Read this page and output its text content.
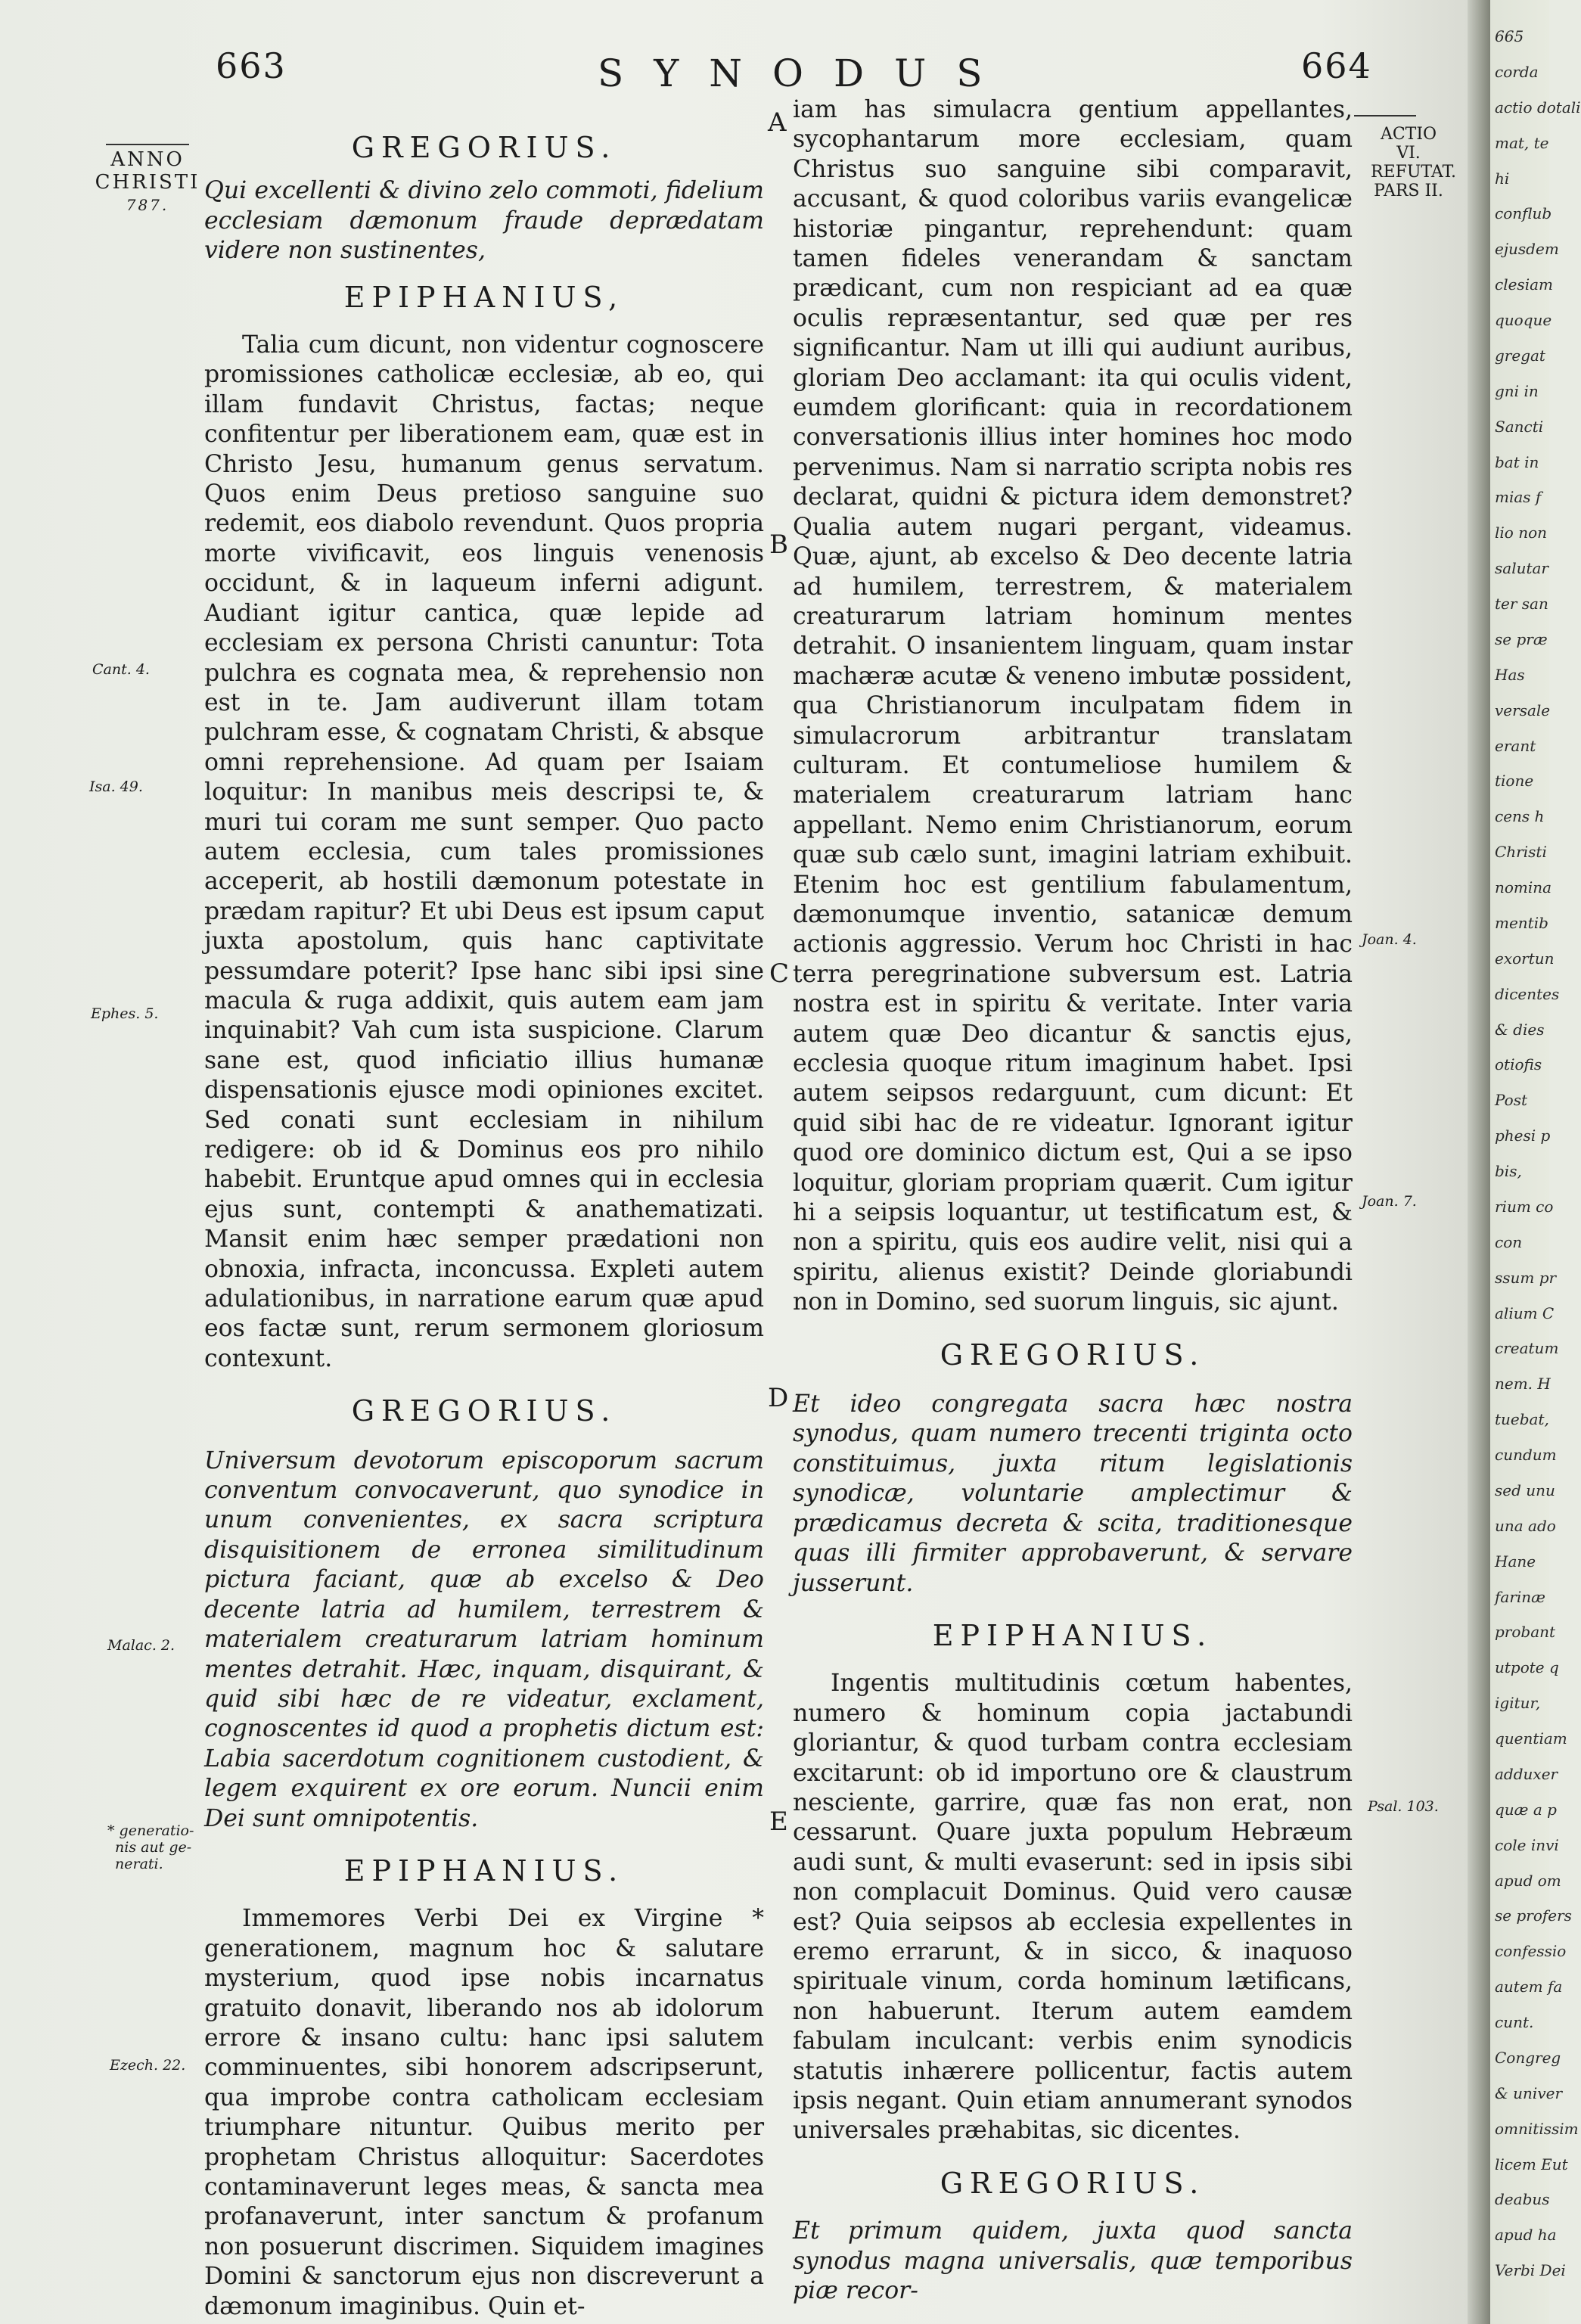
663	SYNODUS	664
ANNO
CHRISTI
787.
Cant. 4.
Isa. 49.
Ephes. 5.
Malac. 2.
* generatio-
nis aut ge-
nerati.
Ezech. 22.
ACTIO
VI.
REFUTAT.
PARS II.
Joan. 4.
Joan. 7.
Psal. 103.
A
B
C
D
E

GREGORIUS.

Qui excellenti & divino zelo commoti, fidelium ecclesiam dæmonum fraude deprædatam videre non sustinentes,

EPIPHANIUS,

Talia cum dicunt, non videntur cognoscere promissiones catholicæ ecclesiæ, ab eo, qui illam fundavit Christus, factas; neque confitentur per liberationem eam, quæ est in Christo Jesu, humanum genus servatum. Quos enim Deus pretioso sanguine suo redemit, eos diabolo revendunt. Quos propria morte vivificavit, eos linguis venenosis occidunt, & in laqueum inferni adigunt. Audiant igitur cantica, quæ lepide ad ecclesiam ex persona Christi canuntur: Tota pulchra es cognata mea, & reprehensio non est in te. Jam audiverunt illam totam pulchram esse, & cognatam Christi, & absque omni reprehensione. Ad quam per Isaiam loquitur: In manibus meis descripsi te, & muri tui coram me sunt semper. Quo pacto autem ecclesia, cum tales promissiones acceperit, ab hostili dæmonum potestate in prædam rapitur? Et ubi Deus est ipsum caput juxta apostolum, quis hanc captivitate pessumdare poterit? Ipse hanc sibi ipsi sine macula & ruga addixit, quis autem eam jam inquinabit? Vah cum ista suspicione. Clarum sane est, quod inficiatio illius humanæ dispensationis ejusce modi opiniones excitet. Sed conati sunt ecclesiam in nihilum redigere: ob id & Dominus eos pro nihilo habebit. Eruntque apud omnes qui in ecclesia ejus sunt, contempti & anathematizati. Mansit enim hæc semper prædationi non obnoxia, infracta, inconcussa. Expleti autem adulationibus, in narratione earum quæ apud eos factæ sunt, rerum sermonem gloriosum contexunt.

GREGORIUS.

Universum devotorum episcoporum sacrum conventum convocaverunt, quo synodice in unum convenientes, ex sacra scriptura disquisitionem de erronea similitudinum pictura faciant, quæ ab excelso & Deo decente latria ad humilem, terrestrem & materialem creaturarum latriam hominum mentes detrahit. Hæc, inquam, disquirant, & quid sibi hæc de re videatur, exclament, cognoscentes id quod a prophetis dictum est: Labia sacerdotum cognitionem custodient, & legem exquirent ex ore eorum. Nuncii enim Dei sunt omnipotentis.

EPIPHANIUS.

Immemores Verbi Dei ex Virgine * generationem, magnum hoc & salutare mysterium, quod ipse nobis incarnatus gratuito donavit, liberando nos ab idolorum errore & insano cultu: hanc ipsi salutem comminuentes, sibi honorem adscripserunt, qua improbe contra catholicam ecclesiam triumphare nituntur. Quibus merito per prophetam Christus alloquitur: Sacerdotes contaminaverunt leges meas, & sancta mea profanaverunt, inter sanctum & profanum non posuerunt discrimen. Siquidem imagines Domini & sanctorum ejus non discreverunt a dæmonum imaginibus. Quin et-

iam has simulacra gentium appellantes, sycophantarum more ecclesiam, quam Christus suo sanguine sibi comparavit, accusant, & quod coloribus variis evangelicæ historiæ pingantur, reprehendunt: quam tamen fideles venerandam & sanctam prædicant, cum non respiciant ad ea quæ oculis repræsentantur, sed quæ per res significantur. Nam ut illi qui audiunt auribus, gloriam Deo acclamant: ita qui oculis vident, eumdem glorificant: quia in recordationem conversationis illius inter homines hoc modo pervenimus. Nam si narratio scripta nobis res declarat, quidni & pictura idem demonstret? Qualia autem nugari pergant, videamus. Quæ, ajunt, ab excelso & Deo decente latria ad humilem, terrestrem, & materialem creaturarum latriam hominum mentes detrahit. O insanientem linguam, quam instar machæræ acutæ & veneno imbutæ possident, qua Christianorum inculpatam fidem in simulacrorum arbitrantur translatam culturam. Et contumeliose humilem & materialem creaturarum latriam hanc appellant. Nemo enim Christianorum, eorum quæ sub cælo sunt, imagini latriam exhibuit. Etenim hoc est gentilium fabulamentum, dæmonumque inventio, satanicæ demum actionis aggressio. Verum hoc Christi in hac terra peregrinatione subversum est. Latria nostra est in spiritu & veritate. Inter varia autem quæ Deo dicantur & sanctis ejus, ecclesia quoque ritum imaginum habet. Ipsi autem seipsos redarguunt, cum dicunt: Et quid sibi hac de re videatur. Ignorant igitur quod ore dominico dictum est, Qui a se ipso loquitur, gloriam propriam quærit. Cum igitur hi a seipsis loquantur, ut testificatum est, & non a spiritu, quis eos audire velit, nisi qui a spiritu, alienus existit? Deinde gloriabundi non in Domino, sed suorum linguis, sic ajunt.

GREGORIUS.

Et ideo congregata sacra hæc nostra synodus, quam numero trecenti triginta octo constituimus, juxta ritum legislationis synodicæ, voluntarie amplectimur & prædicamus decreta & scita, traditionesque quas illi firmiter approbaverunt, & servare jusserunt.

EPIPHANIUS.

Ingentis multitudinis cœtum habentes, numero & hominum copia jactabundi gloriantur, & quod turbam contra ecclesiam excitarunt: ob id importuno ore & claustrum nesciente, garrire, quæ fas non erat, non cessarunt. Quare juxta populum Hebræum audi sunt, & multi evaserunt: sed in ipsis sibi non complacuit Dominus. Quid vero causæ est? Quia seipsos ab ecclesia expellentes in eremo errarunt, & in sicco, & inaquoso spirituale vinum, corda hominum lætificans, non habuerunt. Iterum autem eamdem fabulam inculcant: verbis enim synodicis statutis inhærere pollicentur, factis autem ipsis negant. Quin etiam annumerant synodos universales præhabitas, sic dicentes.

GREGORIUS.

Et primum quidem, juxta quod sancta synodus magna universalis, quæ temporibus piæ recor-

665
corda
actio dotali
mat, te
hi
conflub
ejusdem
clesiam
quoque
gregat
gni in
Sancti
bat in
mias f
lio non
salutar
ter san
se præ
Has
versale
erant
tione
cens h
Christi
nomina
mentib
exortun
dicentes
& dies
otiofis
Post
phesi p
bis,
rium co
con
ssum pr
alium C
creatum
nem. H
tuebat,
cundum
sed unu
una ado
Hane
farinæ
probant
utpote q
igitur,
quentiam
adduxer
quæ a p
cole invi
apud om
se profers
confessio
autem fa
cunt.
Congreg
& univer
omnitissim
licem Eut
deabus
apud ha
Verbi Dei
